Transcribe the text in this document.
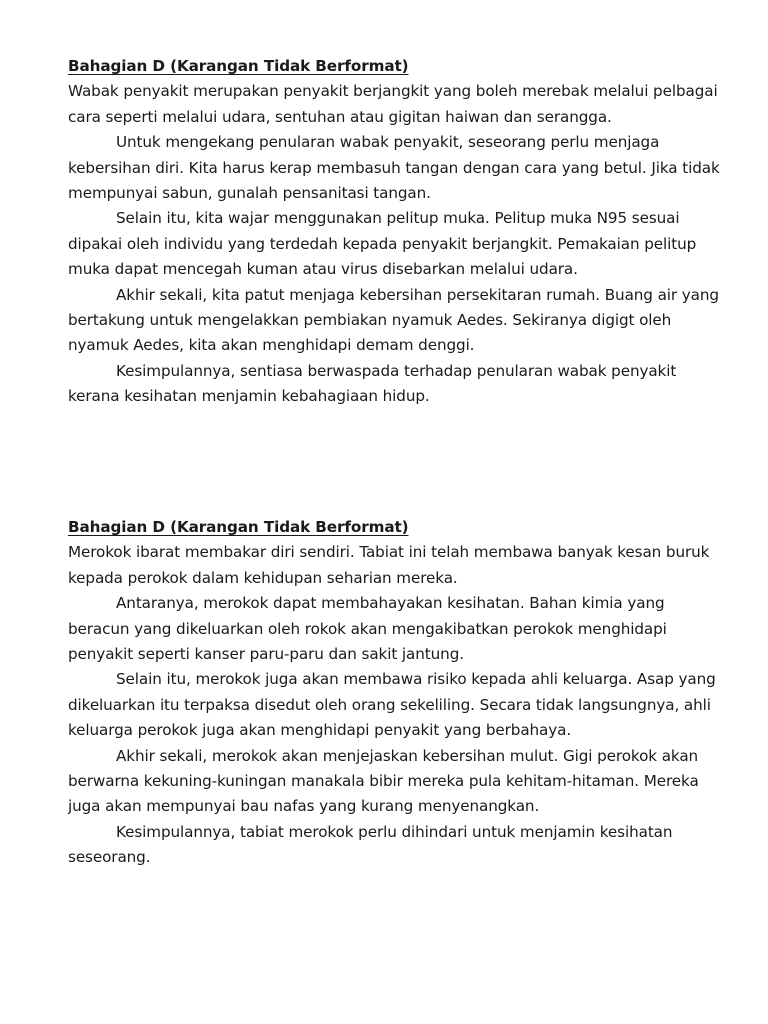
Bahagian D (Karangan Tidak Berformat)

Wabak penyakit merupakan penyakit berjangkit yang boleh merebak melalui pelbagai cara seperti melalui udara, sentuhan atau gigitan haiwan dan serangga.

Untuk mengekang penularan wabak penyakit, seseorang perlu menjaga kebersihan diri. Kita harus kerap membasuh tangan dengan cara yang betul. Jika tidak mempunyai sabun, gunalah pensanitasi tangan.

Selain itu, kita wajar menggunakan pelitup muka. Pelitup muka N95 sesuai dipakai oleh individu yang terdedah kepada penyakit berjangkit. Pemakaian pelitup muka dapat mencegah kuman atau virus disebarkan melalui udara.

Akhir sekali, kita patut menjaga kebersihan persekitaran rumah. Buang air yang bertakung untuk mengelakkan pembiakan nyamuk Aedes. Sekiranya digigt oleh nyamuk Aedes, kita akan menghidapi demam denggi.

Kesimpulannya, sentiasa berwaspada terhadap penularan wabak penyakit kerana kesihatan menjamin kebahagiaan hidup.

Bahagian D (Karangan Tidak Berformat)

Merokok ibarat membakar diri sendiri. Tabiat ini telah membawa banyak kesan buruk kepada perokok dalam kehidupan seharian mereka.

Antaranya, merokok dapat membahayakan kesihatan. Bahan kimia yang beracun yang dikeluarkan oleh rokok akan mengakibatkan perokok menghidapi penyakit seperti kanser paru-paru dan sakit jantung.

Selain itu, merokok juga akan membawa risiko kepada ahli keluarga. Asap yang dikeluarkan itu terpaksa disedut oleh orang sekeliling. Secara tidak langsungnya, ahli keluarga perokok juga akan menghidapi penyakit yang berbahaya.

Akhir sekali, merokok akan menjejaskan kebersihan mulut. Gigi perokok akan berwarna kekuning-kuningan manakala bibir mereka pula kehitam-hitaman. Mereka juga akan mempunyai bau nafas yang kurang menyenangkan.

Kesimpulannya, tabiat merokok perlu dihindari untuk menjamin kesihatan seseorang.
